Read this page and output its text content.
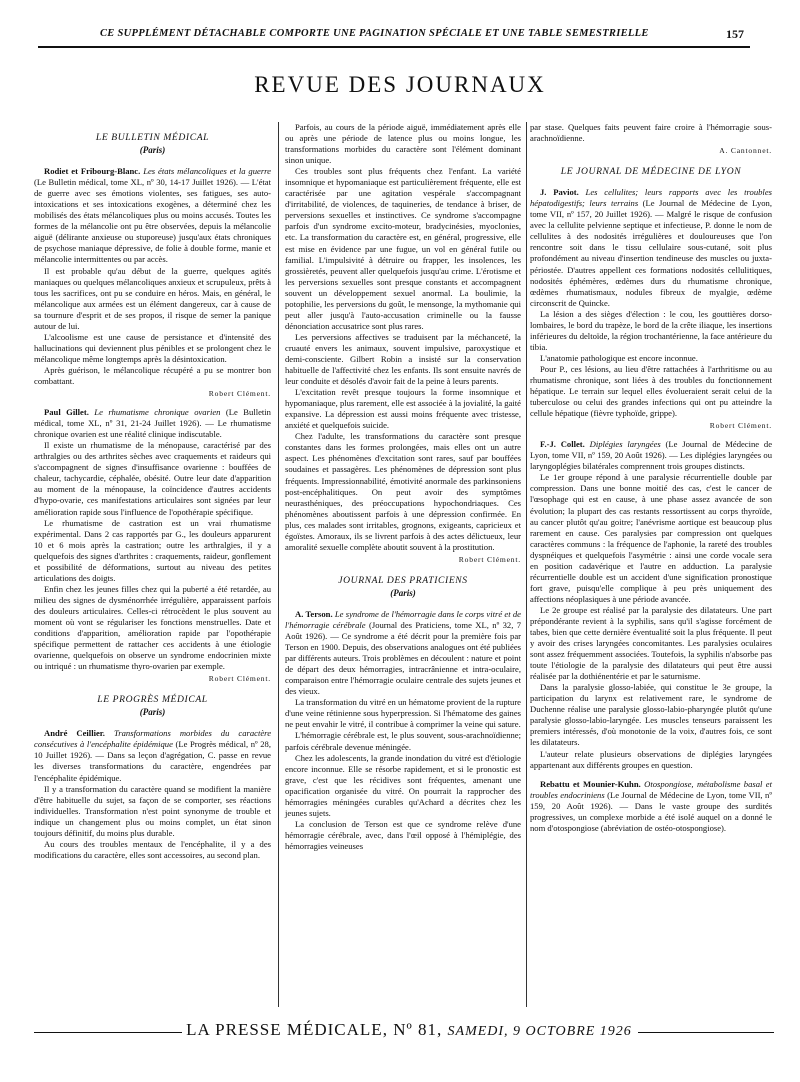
CE SUPPLÉMENT DÉTACHABLE COMPORTE UNE PAGINATION SPÉCIALE ET UNE TABLE SEMESTRIELLE	157
REVUE DES JOURNAUX
LE BULLETIN MÉDICAL
(Paris)

Rodiet et Fribourg-Blanc. Les états mélancoliques et la guerre (Le Bulletin médical, tome XL, nº 30, 14-17 Juillet 1926). — L'état de guerre avec ses émotions violentes, ses fatigues, ses auto-intoxications et ses intoxications exogènes, a déterminé chez les mobilisés des états mélancoliques plus ou moins accusés. Toutes les formes de la mélancolie ont pu être observées, depuis la mélancolie aiguë (délirante anxieuse ou stuporeuse) jusqu'aux états chroniques de psychose maniaque dépressive, de folie à double forme, manie et mélancolie intermittentes ou par accès.

Il est probable qu'au début de la guerre, quelques agités maniaques ou quelques mélancoliques anxieux et scrupuleux, prêts à tous les sacrifices, ont pu se conduire en héros. Mais, en général, le mélancolique aux armées est un élément dangereux, car à cause de sa tournure d'esprit et de ses propos, il risque de semer la panique autour de lui.

L'alcoolisme est une cause de persistance et d'intensité des hallucinations qui deviennent plus pénibles et se prolongent chez le mélancolique même longtemps après la désintoxication.

Après guérison, le mélancolique récupéré a pu se montrer bon combattant.

Robert Clément.

Paul Gillet. Le rhumatisme chronique ovarien (Le Bulletin médical, tome XL, nº 31, 21-24 Juillet 1926). — Le rhumatisme chronique ovarien est une réalité clinique indiscutable.

Il existe un rhumatisme de la ménopause, caractérisé par des arthralgies ou des arthrites sèches avec craquements et raideurs qui s'accompagnent de signes d'insuffisance ovarienne : bouffées de chaleur, tachycardie, céphalée, obésité. Outre leur date d'apparition au moment de la ménopause, la coïncidence d'autres accidents d'hypo-ovarie, ces manifestations articulaires sont signées par leur amélioration rapide sous l'influence de l'opothérapie spécifique.

Le rhumatisme de castration est un vrai rhumatisme expérimental. Dans 2 cas rapportés par G., les douleurs apparurent 10 et 6 mois après la castration; outre les arthralgies, il y a quelquefois des signes d'arthrites : craquements, raideur, gonflement et possibilité de déformations, surtout au niveau des petites articulations des doigts.

Enfin chez les jeunes filles chez qui la puberté a été retardée, au milieu des signes de dysménorrhée irrégulière, apparaissent parfois des douleurs articulaires. Celles-ci rétrocèdent le plus souvent au moment où vont se régulariser les fonctions menstruelles. Date et conditions d'apparition, amélioration rapide par l'opothérapie spécifique permettent de rattacher ces accidents à une étiologie ovarienne, quelquefois on observe un syndrome endocrinien mixte ou intriqué : un rhumatisme thyro-ovarien par exemple.

Robert Clément.
LE PROGRÈS MÉDICAL
(Paris)

André Ceillier. Transformations morbides du caractère consécutives à l'encéphalite épidémique (Le Progrès médical, nº 28, 10 Juillet 1926). — Dans sa leçon d'agrégation, C. passe en revue les diverses transformations du caractère, engendrées par l'encéphalite épidémique.

Il y a transformation du caractère quand se modifient la manière d'être habituelle du sujet, sa façon de se comporter, ses réactions individuelles. Transformation n'est point synonyme de trouble et indique un changement plus ou moins complet, un état sinon toujours définitif, du moins plus durable.

Au cours des troubles mentaux de l'encéphalite, il y a des modifications du caractère, elles sont accessoires, au second plan.

Parfois, au cours de la période aiguë, immédiatement après elle ou après une période de latence plus ou moins longue, les transformations morbides du caractère sont l'élément dominant sinon unique.

Ces troubles sont plus fréquents chez l'enfant. La variété insomnique et hypomaniaque est particulièrement fréquente, elle est caractérisée par une agitation vespérale s'accompagnant d'irritabilité, de violences, de taquineries, de tendance à briser, de perversions sexuelles et instinctives. Ce syndrome s'accompagne parfois d'un syndrome excito-moteur, bradycinésies, myoclonies, etc. La transformation du caractère est, en général, progressive, elle est mise en évidence par une fugue, un vol en général futile ou familial. L'impulsivité à détruire ou frapper, les insolences, les grossièretés, peuvent aller quelquefois jusqu'au crime. L'érotisme et les perversions sexuelles sont presque constants et accompagnent souvent un développement sexuel anormal. La boulimie, la potophilie, les perversions du goût, le mensonge, la mythomanie qui peut aller jusqu'à l'auto-accusation criminelle ou la fausse dénonciation accusatrice sont plus rares.

Les perversions affectives se traduisent par la méchanceté, la cruauté envers les animaux, souvent impulsive, paroxystique et demi-consciente. Gilbert Robin a insisté sur la conservation habituelle de l'affectivité chez les enfants. Ils sont ensuite navrés de leur conduite et désolés d'avoir fait de la peine à leurs parents.

L'excitation revêt presque toujours la forme insomnique et hypomaniaque, plus rarement, elle est associée à la jovialité, la gaité expansive. La dépression est aussi moins fréquente avec tristesse, anxiété et quelquefois suicide.

Chez l'adulte, les transformations du caractère sont presque constantes dans les formes prolongées, mais elles ont un autre aspect. Les phénomènes d'excitation sont rares, sauf par bouffées soudaines et passagères. Les phénomènes de dépression sont plus fréquents. Impressionnabilité, émotivité anormale des parkinsoniens post-encéphalitiques. On peut avoir des symptômes neurasthéniques, des préoccupations hypochondriaques. Ces phénomènes aboutissent parfois à une dépression confirmée. En plus, ces malades sont irritables, grognons, exigeants, capricieux et égoïstes. Amoraux, ils se livrent parfois à des actes délictueux, leur amoralité sexuelle complète aboutit souvent à la prostitution.

Robert Clément.
JOURNAL DES PRATICIENS
(Paris)

A. Terson. Le syndrome de l'hémorragie dans le corps vitré et de l'hémorragie cérébrale (Journal des Praticiens, tome XL, nº 32, 7 Août 1926). — Ce syndrome a été décrit pour la première fois par Terson en 1900. Depuis, des observations analogues ont été publiées par différents auteurs. Trois problèmes en découlent : nature et point de départ des deux hémorragies, intracrânienne et intra-oculaire, comparaison entre l'hémorragie oculaire centrale des sujets jeunes et des vieux.

La transformation du vitré en un hématome provient de la rupture d'une veine rétinienne sous hyperpression. Si l'hématome des gaines ne peut envahir le vitré, il contribue à comprimer la veine qui sature.

L'hémorragie cérébrale est, le plus souvent, sous-arachnoïdienne; parfois cérébrale devenue méningée.

Chez les adolescents, la grande inondation du vitré est d'étiologie encore inconnue. Elle se résorbe rapidement, et si le pronostic est grave, c'est que les récidives sont fréquentes, amenant une opacification organisée du vitré. On pourrait la rapprocher des hémorragies méningées curables qu'Achard a décrites chez les jeunes sujets.

La conclusion de Terson est que ce syndrome relève d'une hémorragie cérébrale, avec, dans l'œil opposé à l'hémiplégie, des hémorragies veineuses

par stase. Quelques faits peuvent faire croire à l'hémorragie sous-arachnoïdienne.

A. Cantonnet.
LE JOURNAL DE MÉDECINE DE LYON

J. Paviot. Les cellulites; leurs rapports avec les troubles hépatodigestifs; leurs terrains (Le Journal de Médecine de Lyon, tome VII, nº 157, 20 Juillet 1926). — Malgré le risque de confusion avec la cellulite pelvienne septique et infectieuse, P. donne le nom de cellulites à des nodosités irrégulières et douloureuses que l'on rencontre soit dans le tissu cellulaire sous-cutané, soit plus profondément au niveau d'insertion tendineuse des muscles ou juxta-périostée. D'autres appellent ces formations nodosités cellulitiques, nodosités éphémères, œdèmes durs du rhumatisme chronique, œdèmes rhumatismaux, nodules fibreux de myalgie, œdème circonscrit de Quincke.

La lésion a des sièges d'élection : le cou, les gouttières dorso-lombaires, le bord du trapèze, le bord de la crête iliaque, les insertions inférieures du deltoïde, la région trochantérienne, la face antérieure du tibia.

L'anatomie pathologique est encore inconnue.

Pour P., ces lésions, au lieu d'être rattachées à l'arthritisme ou au rhumatisme chronique, sont liées à des troubles du fonctionnement hépatique. Le terrain sur lequel elles évolueraient serait celui de la tuberculose ou celui des grandes infections qui ont pu atteindre la cellule hépatique (fièvre typhoïde, grippe).

Robert Clément.

F.-J. Collet. Diplégies laryngées (Le Journal de Médecine de Lyon, tome VII, nº 159, 20 Août 1926). — Les diplégies laryngées ou laryngoplégies bilatérales comprennent trois groupes distincts.

Le 1er groupe répond à une paralysie récurrentielle double par compression. Dans une bonne moitié des cas, c'est le cancer de l'œsophage qui est en cause, à une phase assez avancée de son évolution; la plupart des cas restants ressortissent au corps thyroïde, au cancer plutôt qu'au goitre; l'anévrisme aortique est beaucoup plus rarement en cause. Ces paralysies par compression ont quelques caractères communs : la fréquence de l'aphonie, la rareté des troubles dyspnéiques et quelquefois l'asymétrie : ainsi une corde vocale sera en position cadavérique et l'autre en adduction. La paralysie récurrentielle double est un accident d'une signification pronostique fort grave, puisqu'elle complique à peu près uniquement des affections néoplasiques à une période avancée.

Le 2e groupe est réalisé par la paralysie des dilatateurs. Une part prépondérante revient à la syphilis, sans qu'il s'agisse forcément de tabes, bien que cette dernière éventualité soit la plus fréquente. Il peut y avoir des crises laryngées concomitantes. Les paralysies oculaires sont assez fréquemment associées. Toutefois, la syphilis n'absorbe pas toute l'étiologie de la paralysie des dilatateurs qui peut être aussi réalisée par la dothiénentérie et par le saturnisme.

Dans la paralysie glosso-labiée, qui constitue le 3e groupe, la participation du larynx est relativement rare, le syndrome de Duchenne réalise une paralysie glosso-labio-pharyngée plutôt qu'une paralysie glosso-labio-laryngée. Les muscles tenseurs paraissent les premiers intéressés, d'où monotonie de la voix, d'autres fois, ce sont les dilatateurs.

L'auteur relate plusieurs observations de diplégies laryngées appartenant aux différents groupes en question.

Rebattu et Mounier-Kuhn. Otospongiose, métabolisme basal et troubles endocriniens (Le Journal de Médecine de Lyon, tome VII, nº 159, 20 Août 1926). — Dans le vaste groupe des surdités progressives, un complexe morbide a été isolé auquel on a donné le nom d'otospongiose (abréviation de ostéo-otospongiose).

LA PRESSE MÉDICALE, Nº 81, SAMEDI, 9 OCTOBRE 1926
